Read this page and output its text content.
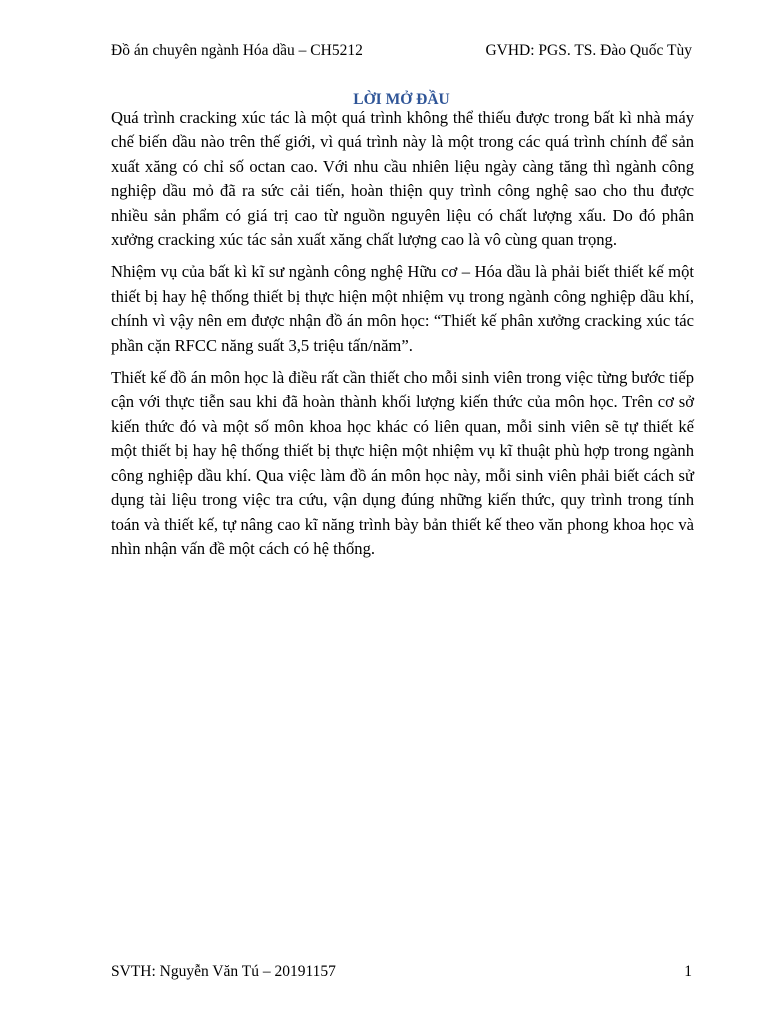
Đồ án chuyên ngành Hóa dầu – CH5212	GVHD: PGS. TS. Đào Quốc Tùy
LỜI MỞ ĐẦU

Quá trình cracking xúc tác là một quá trình không thể thiếu được trong bất kì nhà máy chế biến dầu nào trên thế giới, vì quá trình này là một trong các quá trình chính để sản xuất xăng có chỉ số octan cao. Với nhu cầu nhiên liệu ngày càng tăng thì ngành công nghiệp dầu mỏ đã ra sức cải tiến, hoàn thiện quy trình công nghệ sao cho thu được nhiều sản phẩm có giá trị cao từ nguồn nguyên liệu có chất lượng xấu. Do đó phân xưởng cracking xúc tác sản xuất xăng chất lượng cao là vô cùng quan trọng.

Nhiệm vụ của bất kì kĩ sư ngành công nghệ Hữu cơ – Hóa dầu là phải biết thiết kế một thiết bị hay hệ thống thiết bị thực hiện một nhiệm vụ trong ngành công nghiệp dầu khí, chính vì vậy nên em được nhận đồ án môn học: “Thiết kế phân xưởng cracking xúc tác phần cặn RFCC năng suất 3,5 triệu tấn/năm”.

Thiết kế đồ án môn học là điều rất cần thiết cho mỗi sinh viên trong việc từng bước tiếp cận với thực tiễn sau khi đã hoàn thành khối lượng kiến thức của môn học. Trên cơ sở kiến thức đó và một số môn khoa học khác có liên quan, mỗi sinh viên sẽ tự thiết kế một thiết bị hay hệ thống thiết bị thực hiện một nhiệm vụ kĩ thuật phù hợp trong ngành công nghiệp dầu khí. Qua việc làm đồ án môn học này, mỗi sinh viên phải biết cách sử dụng tài liệu trong việc tra cứu, vận dụng đúng những kiến thức, quy trình trong tính toán và thiết kế, tự nâng cao kĩ năng trình bày bản thiết kế theo văn phong khoa học và nhìn nhận vấn đề một cách có hệ thống.

SVTH: Nguyễn Văn Tú – 20191157	1
